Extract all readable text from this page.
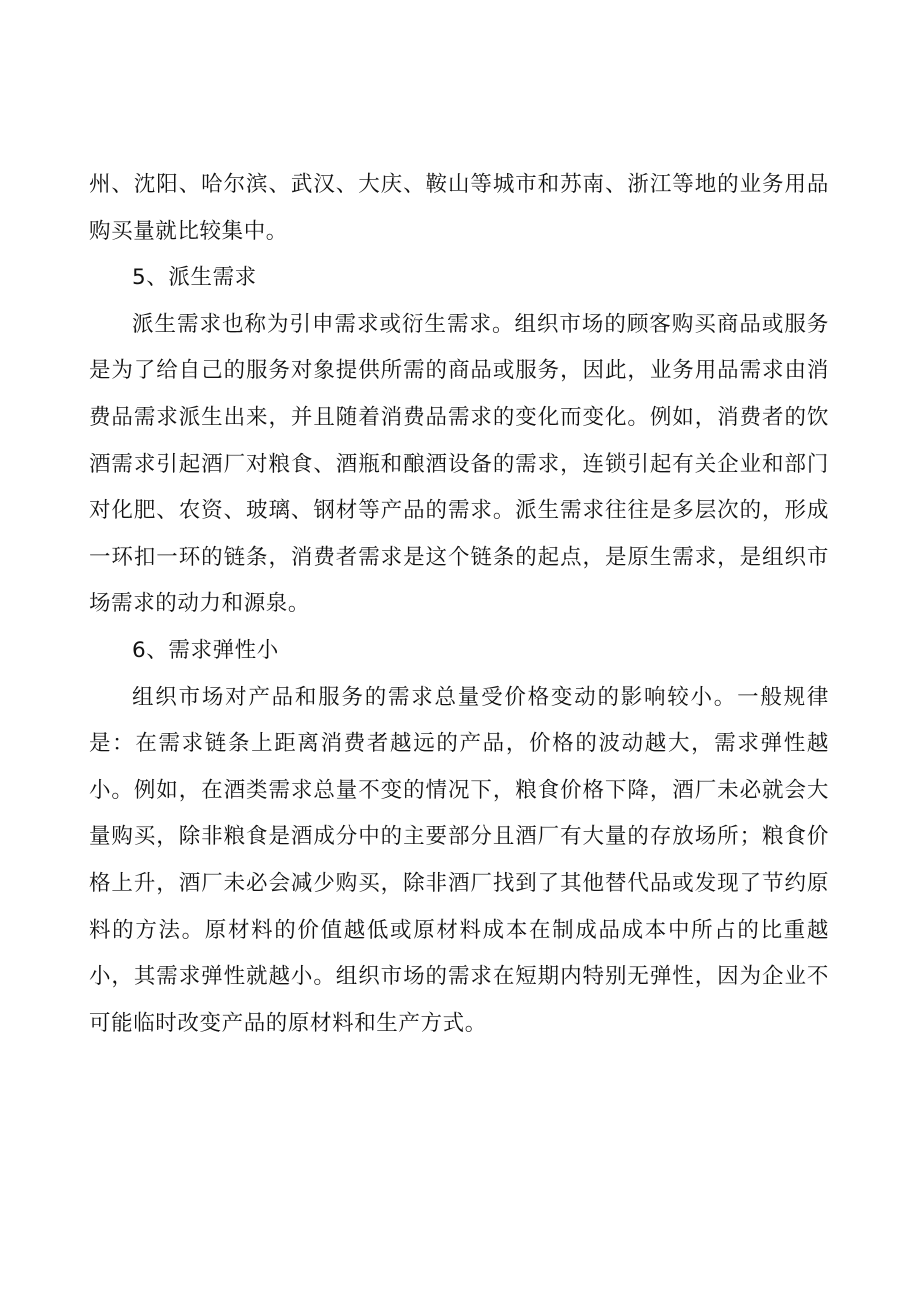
州、沈阳、哈尔滨、武汉、大庆、鞍山等城市和苏南、浙江等地的业务用品购买量就比较集中。

5、派生需求

派生需求也称为引申需求或衍生需求。组织市场的顾客购买商品或服务是为了给自己的服务对象提供所需的商品或服务，因此，业务用品需求由消费品需求派生出来，并且随着消费品需求的变化而变化。例如，消费者的饮酒需求引起酒厂对粮食、酒瓶和酿酒设备的需求，连锁引起有关企业和部门对化肥、农资、玻璃、钢材等产品的需求。派生需求往往是多层次的，形成一环扣一环的链条，消费者需求是这个链条的起点，是原生需求，是组织市场需求的动力和源泉。

6、需求弹性小

组织市场对产品和服务的需求总量受价格变动的影响较小。一般规律是：在需求链条上距离消费者越远的产品，价格的波动越大，需求弹性越小。例如，在酒类需求总量不变的情况下，粮食价格下降，酒厂未必就会大量购买，除非粮食是酒成分中的主要部分且酒厂有大量的存放场所；粮食价格上升，酒厂未必会减少购买，除非酒厂找到了其他替代品或发现了节约原料的方法。原材料的价值越低或原材料成本在制成品成本中所占的比重越小，其需求弹性就越小。组织市场的需求在短期内特别无弹性，因为企业不可能临时改变产品的原材料和生产方式。
